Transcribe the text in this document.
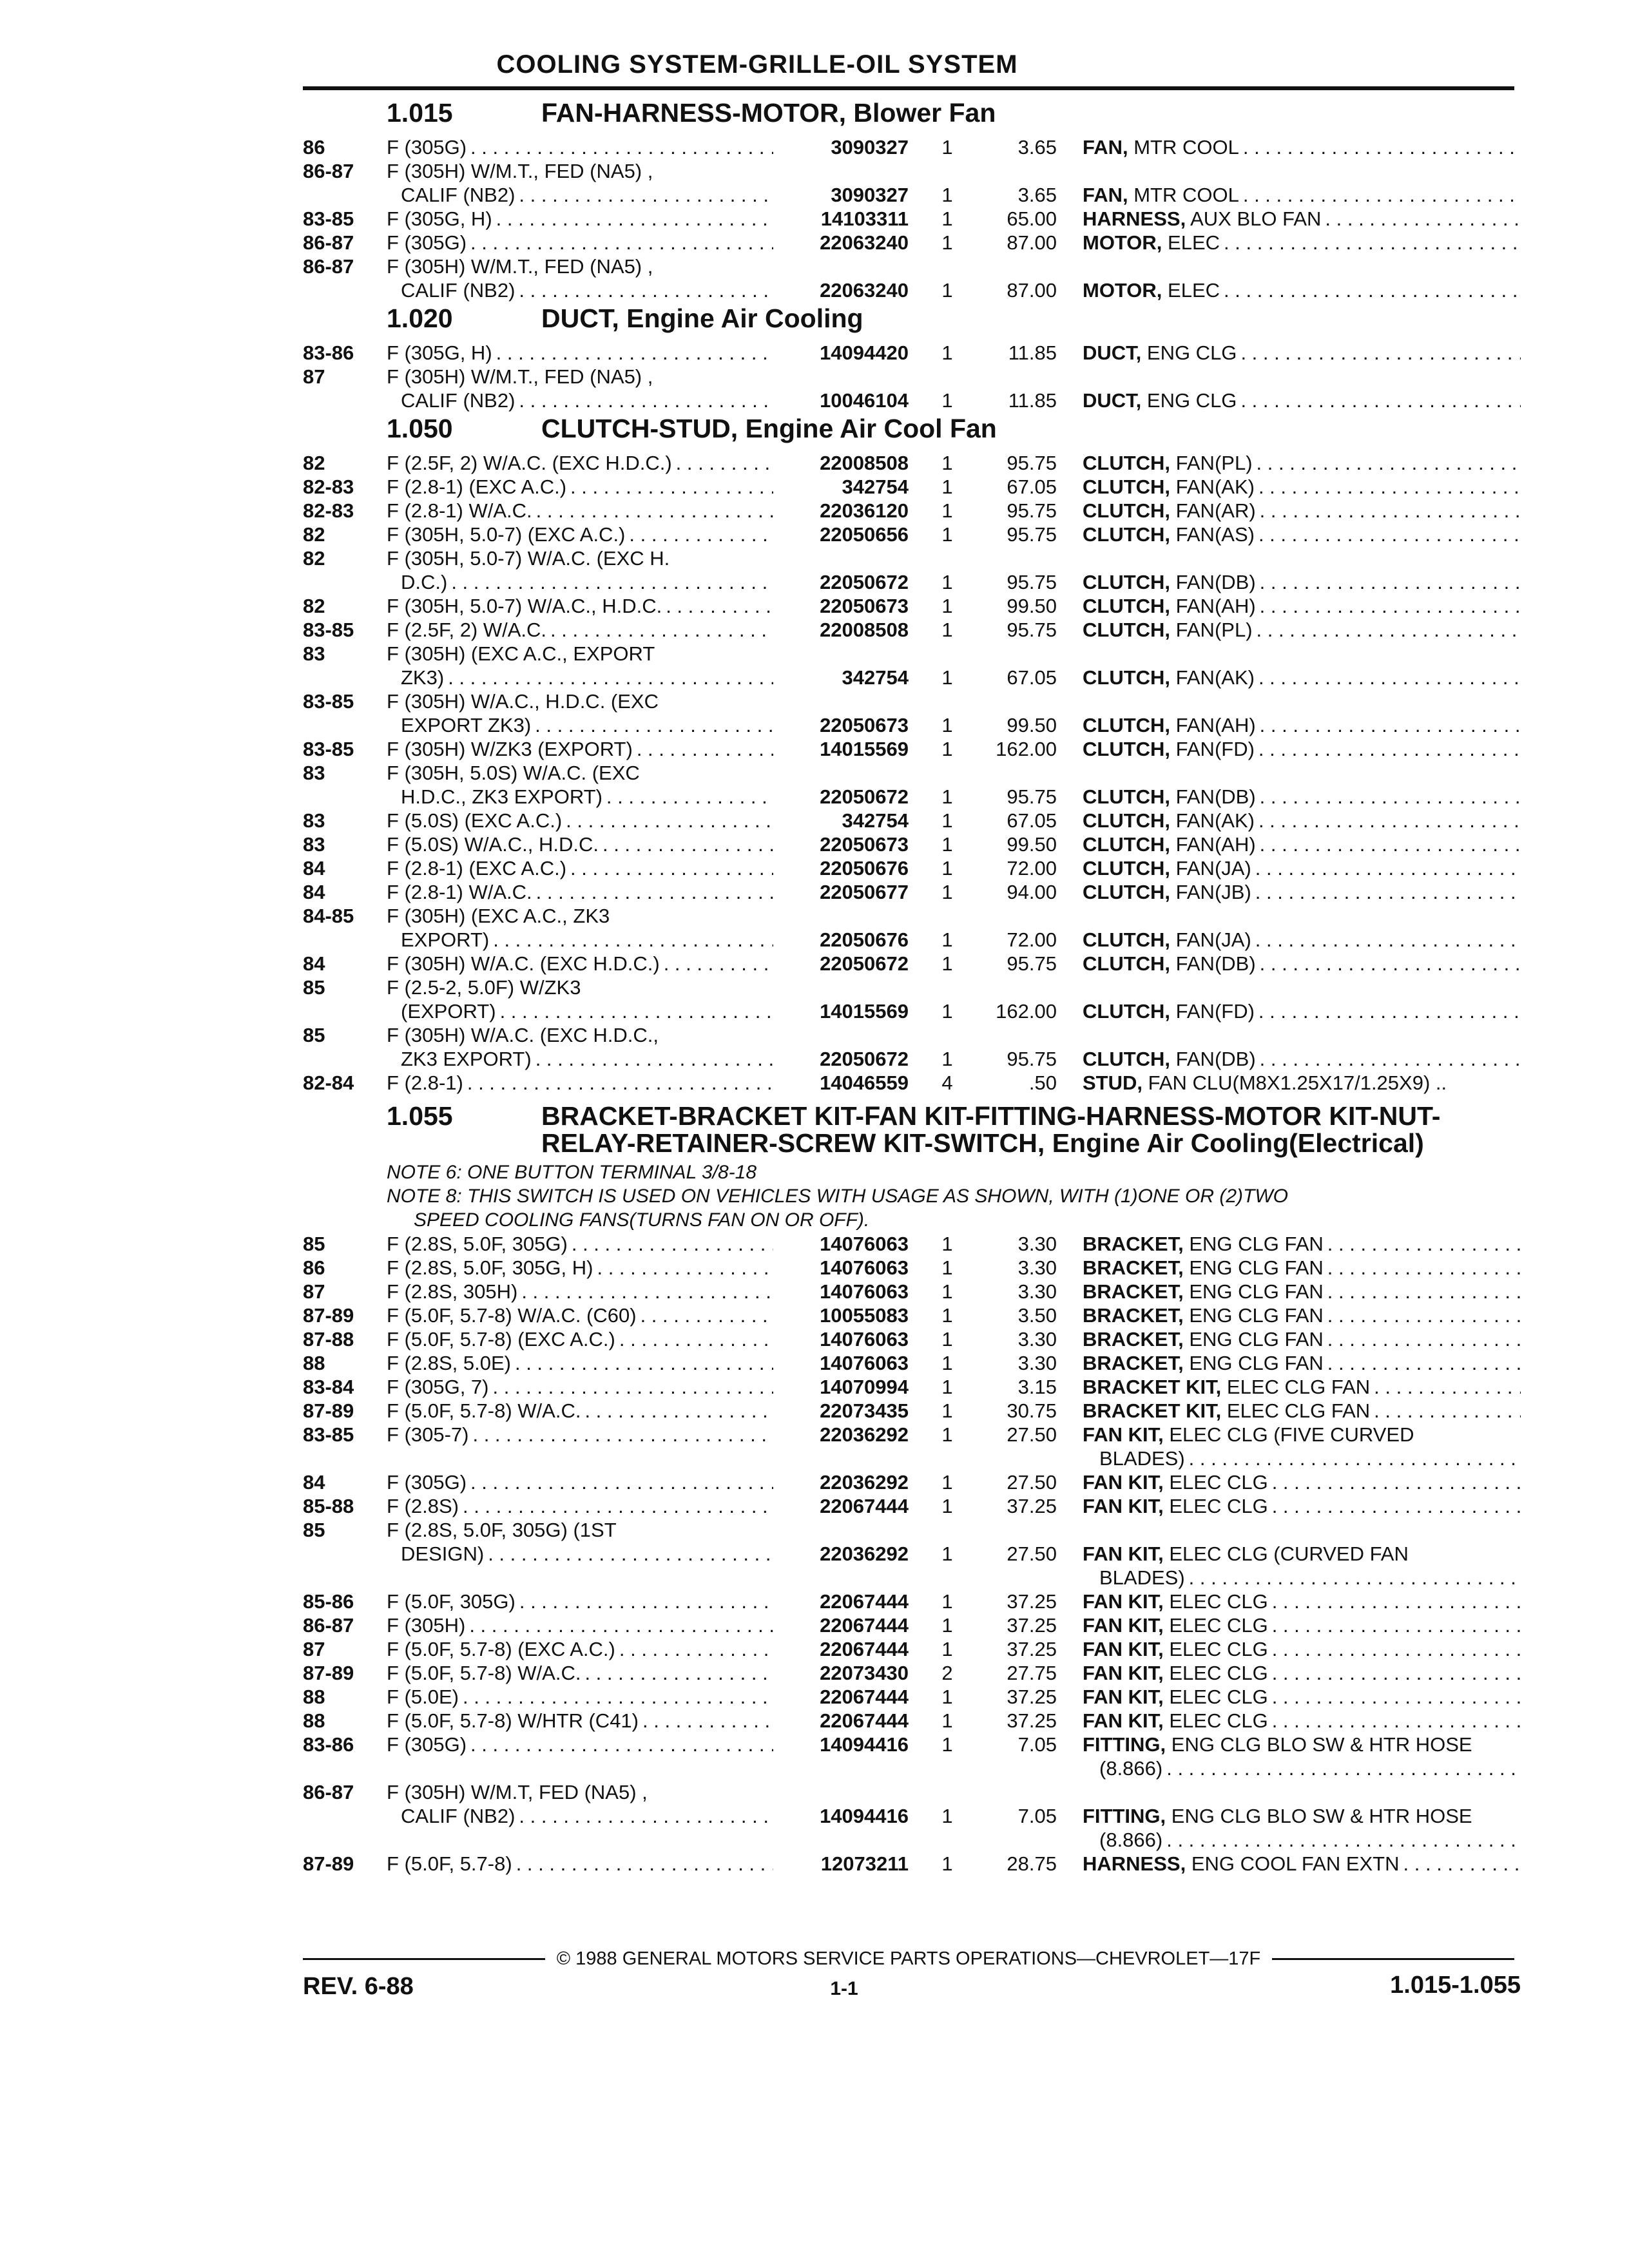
COOLING SYSTEM-GRILLE-OIL SYSTEM
1.015	FAN-HARNESS-MOTOR, Blower Fan
86	F (305G) . . .	3090327	1	3.65	FAN, MTR COOL . . .
86-87	F (305H) W/M.T., FED (NA5) ,
CALIF (NB2) . . .	3090327	1	3.65	FAN, MTR COOL . . .
83-85	F (305G, H) . . .	14103311	1	65.00	HARNESS, AUX BLO FAN . . .
86-87	F (305G) . . .	22063240	1	87.00	MOTOR, ELEC . . .
86-87	F (305H) W/M.T., FED (NA5) ,
CALIF (NB2) . . .	22063240	1	87.00	MOTOR, ELEC . . .
1.020	DUCT, Engine Air Cooling
83-86	F (305G, H) . . .	14094420	1	11.85	DUCT, ENG CLG . . .
87	F (305H) W/M.T., FED (NA5) ,
CALIF (NB2) . . .	10046104	1	11.85	DUCT, ENG CLG . . .
1.050	CLUTCH-STUD, Engine Air Cool Fan
82	F (2.5F, 2) W/A.C. (EXC H.D.C.) . . .	22008508	1	95.75	CLUTCH, FAN(PL) . . .
82-83	F (2.8-1) (EXC A.C.) . . .	342754	1	67.05	CLUTCH, FAN(AK) . . .
82-83	F (2.8-1) W/A.C. . . .	22036120	1	95.75	CLUTCH, FAN(AR) . . .
82	F (305H, 5.0-7) (EXC A.C.) . . .	22050656	1	95.75	CLUTCH, FAN(AS) . . .
82	F (305H, 5.0-7) W/A.C. (EXC H.
D.C.) . . .	22050672	1	95.75	CLUTCH, FAN(DB) . . .
82	F (305H, 5.0-7) W/A.C., H.D.C. . . .	22050673	1	99.50	CLUTCH, FAN(AH) . . .
83-85	F (2.5F, 2) W/A.C. . . .	22008508	1	95.75	CLUTCH, FAN(PL) . . .
83	F (305H) (EXC A.C., EXPORT
ZK3) . . .	342754	1	67.05	CLUTCH, FAN(AK) . . .
83-85	F (305H) W/A.C., H.D.C. (EXC
EXPORT ZK3) . . .	22050673	1	99.50	CLUTCH, FAN(AH) . . .
83-85	F (305H) W/ZK3 (EXPORT) . . .	14015569	1	162.00	CLUTCH, FAN(FD) . . .
83	F (305H, 5.0S) W/A.C. (EXC
H.D.C., ZK3 EXPORT) . . .	22050672	1	95.75	CLUTCH, FAN(DB) . . .
83	F (5.0S) (EXC A.C.) . . .	342754	1	67.05	CLUTCH, FAN(AK) . . .
83	F (5.0S) W/A.C., H.D.C. . . .	22050673	1	99.50	CLUTCH, FAN(AH) . . .
84	F (2.8-1) (EXC A.C.) . . .	22050676	1	72.00	CLUTCH, FAN(JA) . . .
84	F (2.8-1) W/A.C. . . .	22050677	1	94.00	CLUTCH, FAN(JB) . . .
84-85	F (305H) (EXC A.C., ZK3
EXPORT) . . .	22050676	1	72.00	CLUTCH, FAN(JA) . . .
84	F (305H) W/A.C. (EXC H.D.C.) . . .	22050672	1	95.75	CLUTCH, FAN(DB) . . .
85	F (2.5-2, 5.0F) W/ZK3
(EXPORT) . . .	14015569	1	162.00	CLUTCH, FAN(FD) . . .
85	F (305H) W/A.C. (EXC H.D.C.,
ZK3 EXPORT) . . .	22050672	1	95.75	CLUTCH, FAN(DB) . . .
82-84	F (2.8-1) . . .	14046559	4	.50	STUD, FAN CLU(M8X1.25X17/1.25X9) ..
1.055	BRACKET-BRACKET KIT-FAN KIT-FITTING-HARNESS-MOTOR KIT-NUT-RELAY-RETAINER-SCREW KIT-SWITCH, Engine Air Cooling(Electrical)
NOTE 6: ONE BUTTON TERMINAL 3/8-18
NOTE 8: THIS SWITCH IS USED ON VEHICLES WITH USAGE AS SHOWN, WITH (1)ONE OR (2)TWO
SPEED COOLING FANS(TURNS FAN ON OR OFF).
85	F (2.8S, 5.0F, 305G) . . .	14076063	1	3.30	BRACKET, ENG CLG FAN . . .
86	F (2.8S, 5.0F, 305G, H) . . .	14076063	1	3.30	BRACKET, ENG CLG FAN . . .
87	F (2.8S, 305H) . . .	14076063	1	3.30	BRACKET, ENG CLG FAN . . .
87-89	F (5.0F, 5.7-8) W/A.C. (C60) . . .	10055083	1	3.50	BRACKET, ENG CLG FAN . . .
87-88	F (5.0F, 5.7-8) (EXC A.C.) . . .	14076063	1	3.30	BRACKET, ENG CLG FAN . . .
88	F (2.8S, 5.0E) . . .	14076063	1	3.30	BRACKET, ENG CLG FAN . . .
83-84	F (305G, 7) . . .	14070994	1	3.15	BRACKET KIT, ELEC CLG FAN . . .
87-89	F (5.0F, 5.7-8) W/A.C. . . .	22073435	1	30.75	BRACKET KIT, ELEC CLG FAN . . .
83-85	F (305-7) . . .	22036292	1	27.50	FAN KIT, ELEC CLG (FIVE CURVED
BLADES) . . .
84	F (305G) . . .	22036292	1	27.50	FAN KIT, ELEC CLG . . .
85-88	F (2.8S) . . .	22067444	1	37.25	FAN KIT, ELEC CLG . . .
85	F (2.8S, 5.0F, 305G) (1ST
DESIGN) . . .	22036292	1	27.50	FAN KIT, ELEC CLG (CURVED FAN
BLADES) . . .
85-86	F (5.0F, 305G) . . .	22067444	1	37.25	FAN KIT, ELEC CLG . . .
86-87	F (305H) . . .	22067444	1	37.25	FAN KIT, ELEC CLG . . .
87	F (5.0F, 5.7-8) (EXC A.C.) . . .	22067444	1	37.25	FAN KIT, ELEC CLG . . .
87-89	F (5.0F, 5.7-8) W/A.C. . . .	22073430	2	27.75	FAN KIT, ELEC CLG . . .
88	F (5.0E) . . .	22067444	1	37.25	FAN KIT, ELEC CLG . . .
88	F (5.0F, 5.7-8) W/HTR (C41) . . .	22067444	1	37.25	FAN KIT, ELEC CLG . . .
83-86	F (305G) . . .	14094416	1	7.05	FITTING, ENG CLG BLO SW & HTR HOSE
(8.866) . . .
86-87	F (305H) W/M.T, FED (NA5) ,
CALIF (NB2) . . .	14094416	1	7.05	FITTING, ENG CLG BLO SW & HTR HOSE
(8.866) . . .
87-89	F (5.0F, 5.7-8) . . .	12073211	1	28.75	HARNESS, ENG COOL FAN EXTN . . .
© 1988 GENERAL MOTORS SERVICE PARTS OPERATIONS—CHEVROLET—17F
REV. 6-88	1-1	1.015-1.055
